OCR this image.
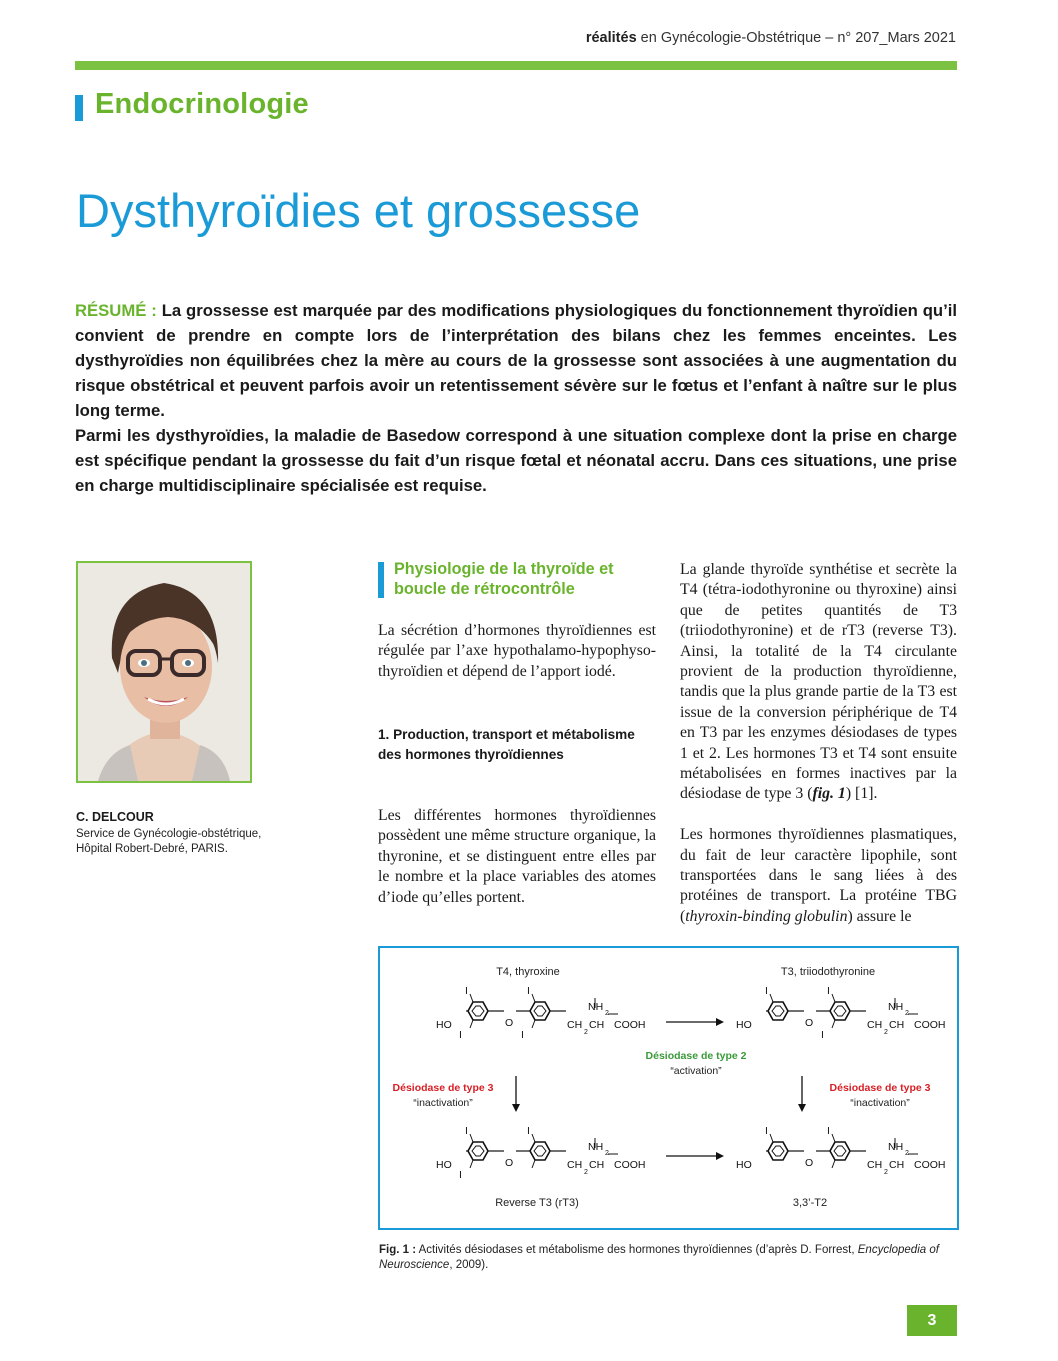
réalités en Gynécologie-Obstétrique – n° 207_Mars 2021
Endocrinologie
Dysthyroïdies et grossesse

RÉSUMÉ : La grossesse est marquée par des modifications physiologiques du fonctionnement thyroïdien qu’il convient de prendre en compte lors de l’interprétation des bilans chez les femmes enceintes. Les dysthyroïdies non équilibrées chez la mère au cours de la grossesse sont associées à une augmentation du risque obstétrical et peuvent parfois avoir un retentissement sévère sur le fœtus et l’enfant à naître sur le plus long terme.

Parmi les dysthyroïdies, la maladie de Basedow correspond à une situation complexe dont la prise en charge est spécifique pendant la grossesse du fait d’un risque fœtal et néonatal accru. Dans ces situations, une prise en charge multidisciplinaire spécialisée est requise.

C. DELCOUR
Service de Gynécologie-obstétrique,
Hôpital Robert-Debré, PARIS.
Physiologie de la thyroïde et boucle de rétrocontrôle
La sécrétion d’hormones thyroïdiennes est régulée par l’axe hypothalamo-hypophyso-thyroïdien et dépend de l’apport iodé.
1. Production, transport et métabolisme des hormones thyroïdiennes
Les différentes hormones thyroïdiennes possèdent une même structure organique, la thyronine, et se distinguent entre elles par le nombre et la place variables des atomes d’iode qu’elles portent.

La glande thyroïde synthétise et secrète la T4 (tétra-iodothyronine ou thyroxine) ainsi que de petites quantités de T3 (triiodothyronine) et de rT3 (reverse T3). Ainsi, la totalité de la T4 circulante provient de la production thyroïdienne, tandis que la plus grande partie de la T3 est issue de la conversion périphérique de T4 en T3 par les enzymes désiodases de types 1 et 2. Les hormones T3 et T4 sont ensuite métabolisées en formes inactives par la désiodase de type 3 (fig. 1) [1].

Les hormones thyroïdiennes plasmatiques, du fait de leur caractère lipophile, sont transportées dans le sang liées à des protéines de transport. La protéine TBG (thyroxin-binding globulin) assure le

T4, thyroxine
I	I
I	I
HO	O
NH
2
CH
2
CH COOH
T3, triiodothyronine
I	I
I
HO	O
NH
2
CH
2
CH COOH
Reverse T3 (rT3)
I	I
I
HO	O
NH
2
CH
2
CH COOH
3,3’-T2
I	I
HO	O
NH
2
CH
2
CH COOH
Désiodase de type 2
“activation”
Désiodase de type 3
“inactivation”
Désiodase de type 3
“inactivation”
Fig. 1 : Activités désiodases et métabolisme des hormones thyroïdiennes (d’après D. Forrest, Encyclopedia of Neuroscience, 2009).
3
